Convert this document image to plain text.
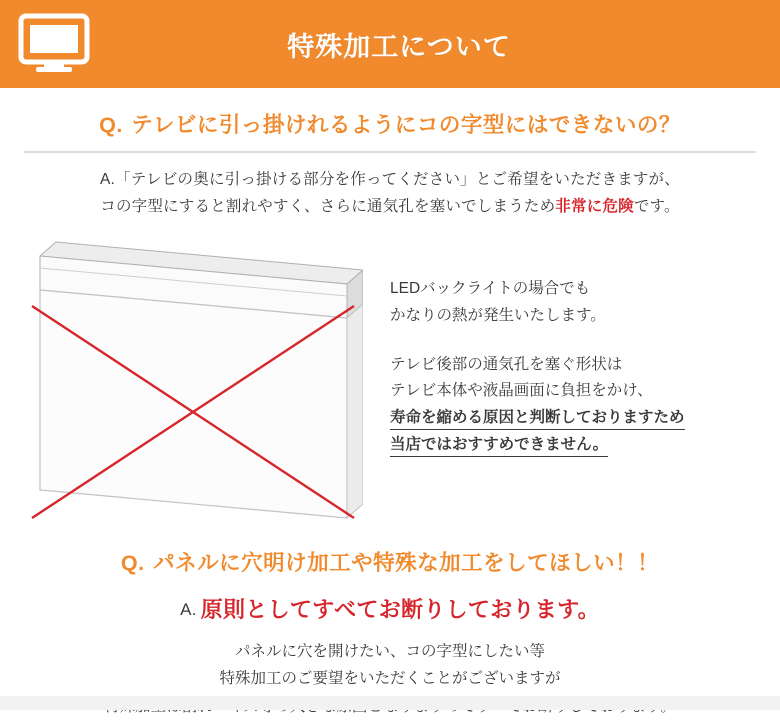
特殊加工について
Q. テレビに引っ掛けれるようにコの字型にはできないの？
A.「テレビの奥に引っ掛ける部分を作ってください」とご希望をいただきますが、
コの字型にすると割れやすく、さらに通気孔を塞いでしまうため非常に危険です。

LEDバックライトの場合でも
かなりの熱が発生いたします。

テレビ後部の通気孔を塞ぐ形状は
テレビ本体や液晶画面に負担をかけ、
寿命を縮める原因と判断しておりますため
当店ではおすすめできません。

Q. パネルに穴明け加工や特殊な加工をしてほしい！！
A. 原則としてすべてお断りしております。
パネルに穴を開けたい、コの字型にしたい等
特殊加工のご要望をいただくことがございますが
